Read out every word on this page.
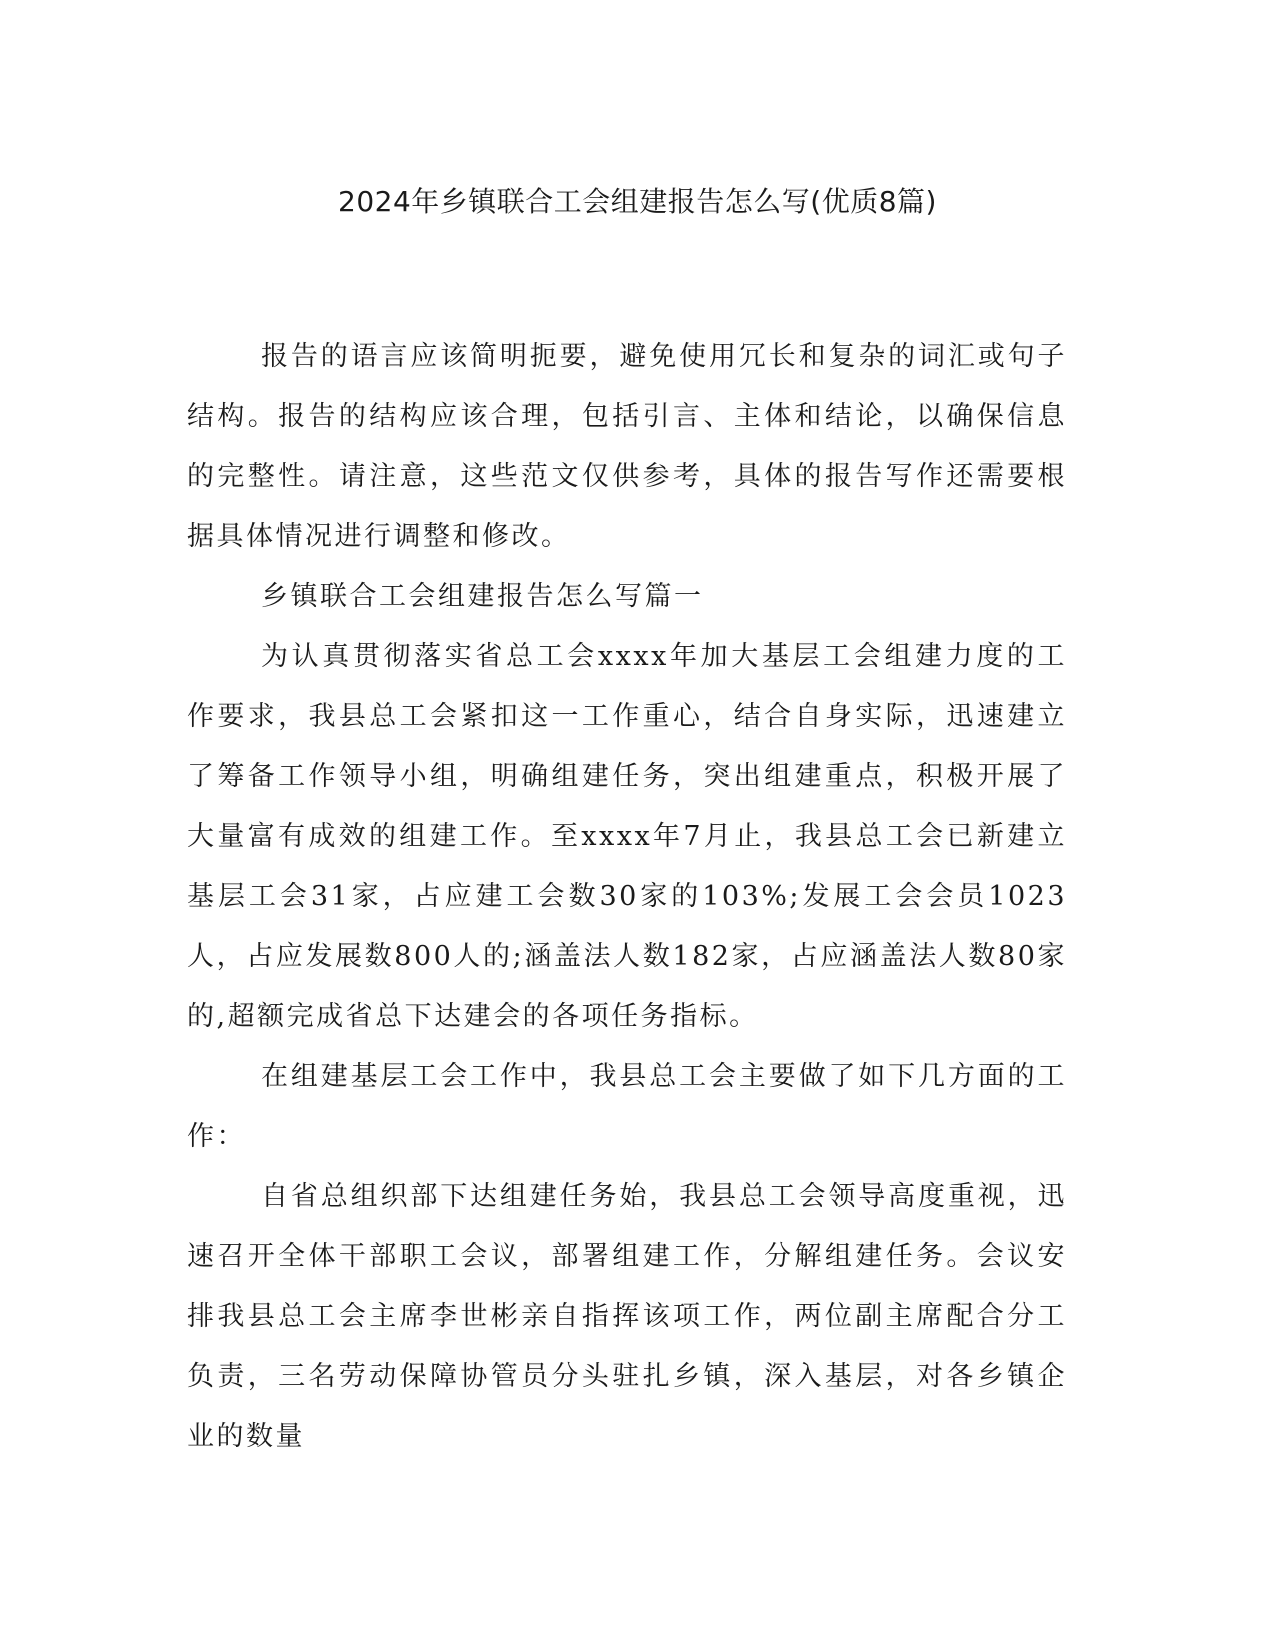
2024年乡镇联合工会组建报告怎么写(优质8篇)

报告的语言应该简明扼要，避免使用冗长和复杂的词汇或句子结构。报告的结构应该合理，包括引言、主体和结论，以确保信息的完整性。请注意，这些范文仅供参考，具体的报告写作还需要根据具体情况进行调整和修改。

乡镇联合工会组建报告怎么写篇一

为认真贯彻落实省总工会xxxx年加大基层工会组建力度的工作要求，我县总工会紧扣这一工作重心，结合自身实际，迅速建立了筹备工作领导小组，明确组建任务，突出组建重点，积极开展了大量富有成效的组建工作。至xxxx年7月止，我县总工会已新建立基层工会31家，占应建工会数30家的103%;发展工会会员1023人，占应发展数800人的;涵盖法人数182家，占应涵盖法人数80家的,超额完成省总下达建会的各项任务指标。

在组建基层工会工作中，我县总工会主要做了如下几方面的工作：

自省总组织部下达组建任务始，我县总工会领导高度重视，迅速召开全体干部职工会议，部署组建工作，分解组建任务。会议安排我县总工会主席李世彬亲自指挥该项工作，两位副主席配合分工负责，三名劳动保障协管员分头驻扎乡镇，深入基层，对各乡镇企业的数量
